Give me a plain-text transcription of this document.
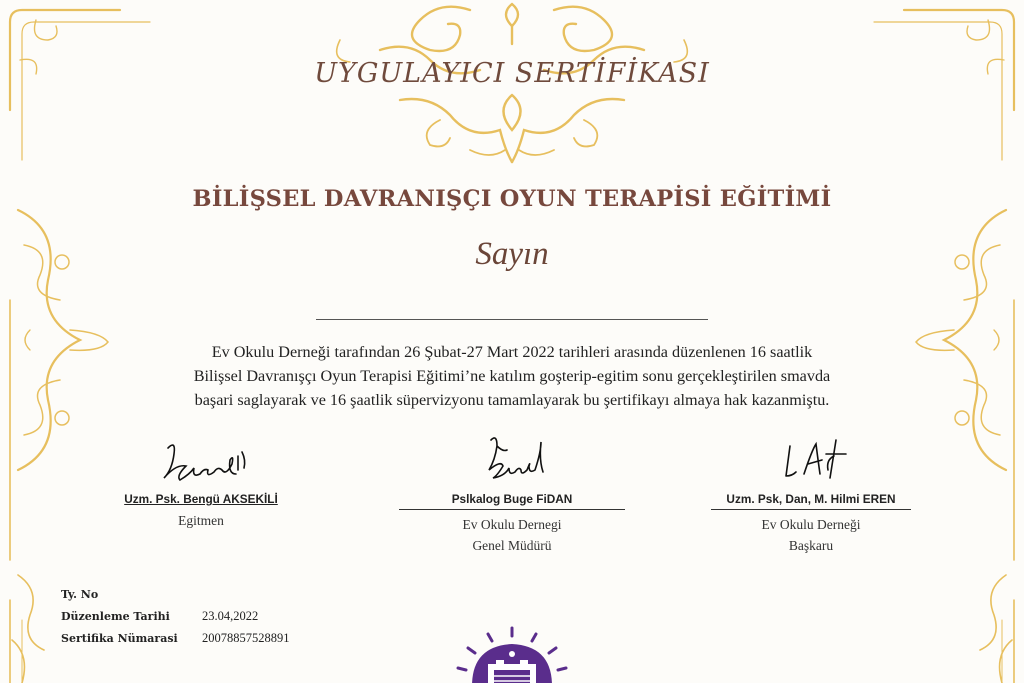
UYGULAYICI SERTİFİKASI
BİLİŞSEL DAVRANIŞÇI OYUN TERAPİSİ EĞİTİMİ
Sayın
Ev Okulu Derneği tarafından 26 Şubat-27 Mart 2022 tarihleri arasında düzenlenen 16 saatlik
Bilişsel Davranışçı Oyun Terapisi Eğitimi’ne katılım goşterip-egitim sonu gerçekleştirilen smavda
başari saglayarak ve 16 şaatlik süpervizyonu tamamlayarak bu şertifikayı almaya hak kazanmiştu.
Uzm. Psk. Bengü AKSEKİLİ
Egitmen
Pslkalog Buge FiDAN
Ev Okulu Dernegi
Genel Müdürü
Uzm. Psk, Dan, M. Hilmi EREN
Ev Okulu Derneği
Başkaru
Ty. No
Düzenleme Tarihi	23.04,2022
Sertifika Nümarasi 20078857528891
